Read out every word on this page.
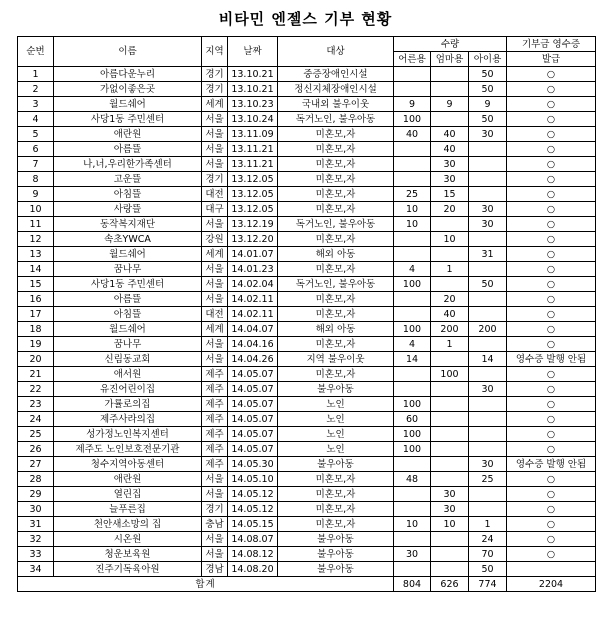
비타민 엔젤스 기부 현황
순번	이름	지역	날짜	대상	수량			기부금 영수증
					어른용	엄마용	아이용	발급
1	아름다운누리	경기	13.10.21	중증장애인시설			50	○
2	가없이좋은곳	경기	13.10.21	정신지체장애인시설			50	○
3	월드쉐어	세계	13.10.23	국내외 불우이웃	9	9	9	○
4	사당1동 주민센터	서울	13.10.24	독거노인, 불우아동	100		50	○
5	애란원	서울	13.11.09	미혼모,자	40	40	30	○
6	아름뜰	서울	13.11.21	미혼모,자		40		○
7	나,너,우리한가족센터	서울	13.11.21	미혼모,자		30		○
8	고운뜰	경기	13.12.05	미혼모,자		30		○
9	아침뜰	대전	13.12.05	미혼모,자	25	15		○
10	사랑뜰	대구	13.12.05	미혼모,자	10	20	30	○
11	동작복지재단	서울	13.12.19	독거노인, 불우아동	10		30	○
12	속초YWCA	강원	13.12.20	미혼모,자		10		○
13	월드쉐어	세계	14.01.07	해외 아동			31	○
14	꿈나무	서울	14.01.23	미혼모,자	4	1		○
15	사당1동 주민센터	서울	14.02.04	독거노인, 불우아동	100		50	○
16	아름뜰	서울	14.02.11	미혼모,자		20		○
17	아침뜰	대전	14.02.11	미혼모,자		40		○
18	월드쉐어	세계	14.04.07	해외 아동	100	200	200	○
19	꿈나무	서울	14.04.16	미혼모,자	4	1		○
20	신림동교회	서울	14.04.26	지역 불우이웃	14		14	영수증 발행 안됨
21	애서원	제주	14.05.07	미혼모,자		100		○
22	유진어린이집	제주	14.05.07	불우아동			30	○
23	가률로의집	제주	14.05.07	노인	100			○
24	제주사라의집	제주	14.05.07	노인	60			○
25	성가정노인복지센터	제주	14.05.07	노인	100			○
26	제주도 노인보호전문기관	제주	14.05.07	노인	100			○
27	청수지역아동센터	제주	14.05.30	불우아동			30	영수증 발행 안됨
28	애란원	서울	14.05.10	미혼모,자	48		25	○
29	열린집	서울	14.05.12	미혼모,자		30		○
30	늘푸른집	경기	14.05.12	미혼모,자		30		○
31	천안새소망의 집	충남	14.05.15	미혼모,자	10	10	1	○
32	시온원	서울	14.08.07	불우아동			24	○
33	청운보육원	서울	14.08.12	불우아동	30		70	○
34	진주기독육아원	경남	14.08.20	불우아동			50	
합계					804	626	774	2204
